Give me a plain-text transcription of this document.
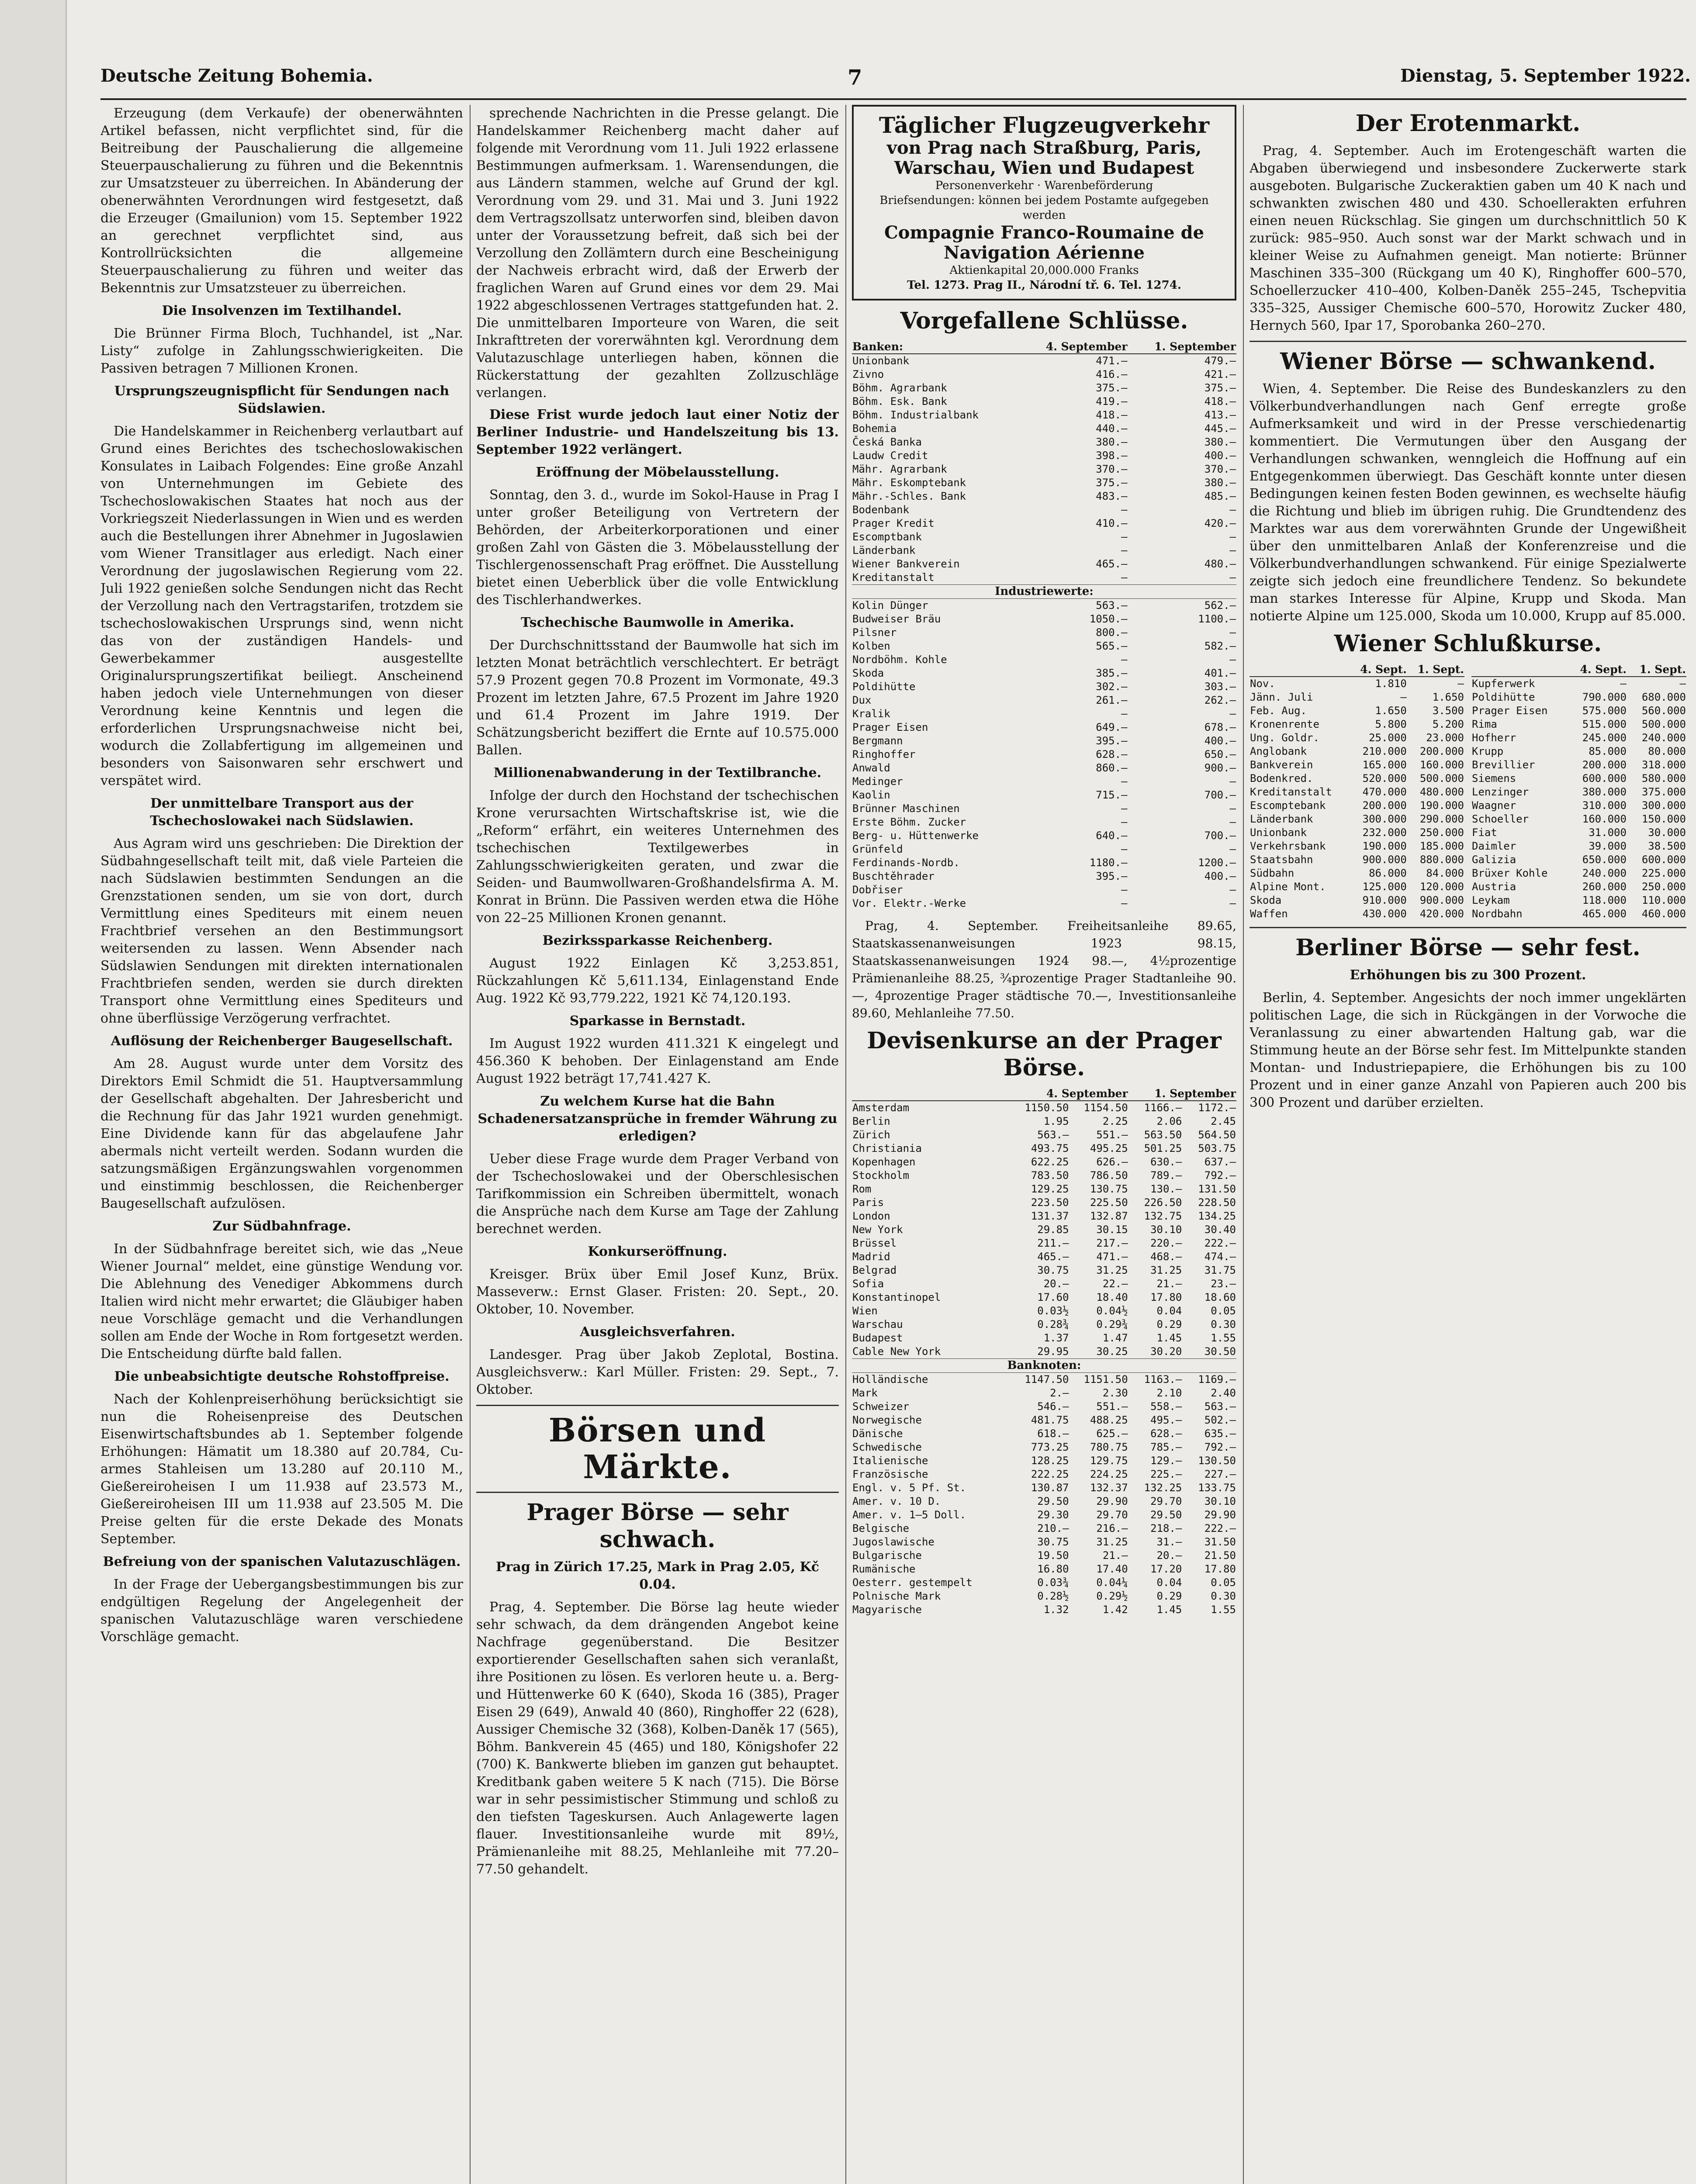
Deutsche Zeitung Bohemia.	7	Dienstag, 5. September 1922.

Erzeugung (dem Verkaufe) der obenerwähnten Artikel befassen, nicht verpflichtet sind, für die Beitreibung der Pauschalierung die allgemeine Steuerpauschalierung zu führen und die Bekenntnis zur Umsatzsteuer zu überreichen. In Abänderung der obenerwähnten Verordnungen wird festgesetzt, daß die Erzeuger (Gmailunion) vom 15. September 1922 an gerechnet verpflichtet sind, aus Kontrollrücksichten die allgemeine Steuerpauschalierung zu führen und weiter das Bekenntnis zur Umsatzsteuer zu überreichen.

Die Insolvenzen im Textilhandel.

Die Brünner Firma Bloch, Tuchhandel, ist „Nar. Listy“ zufolge in Zahlungsschwierigkeiten. Die Passiven betragen 7 Millionen Kronen.

Ursprungszeugnispflicht für Sendungen nach Südslawien.

Die Handelskammer in Reichenberg verlautbart auf Grund eines Berichtes des tschechoslowakischen Konsulates in Laibach Folgendes: Eine große Anzahl von Unternehmungen im Gebiete des Tschechoslowakischen Staates hat noch aus der Vorkriegszeit Niederlassungen in Wien und es werden auch die Bestellungen ihrer Abnehmer in Jugoslawien vom Wiener Transitlager aus erledigt. Nach einer Verordnung der jugoslawischen Regierung vom 22. Juli 1922 genießen solche Sendungen nicht das Recht der Verzollung nach den Vertragstarifen, trotzdem sie tschechoslowakischen Ursprungs sind, wenn nicht das von der zuständigen Handels- und Gewerbekammer ausgestellte Originalursprungszertifikat beiliegt. Anscheinend haben jedoch viele Unternehmungen von dieser Verordnung keine Kenntnis und legen die erforderlichen Ursprungsnachweise nicht bei, wodurch die Zollabfertigung im allgemeinen und besonders von Saisonwaren sehr erschwert und verspätet wird.

Der unmittelbare Transport aus der Tschechoslowakei nach Südslawien.

Aus Agram wird uns geschrieben: Die Direktion der Südbahngesellschaft teilt mit, daß viele Parteien die nach Südslawien bestimmten Sendungen an die Grenzstationen senden, um sie von dort, durch Vermittlung eines Spediteurs mit einem neuen Frachtbrief versehen an den Bestimmungsort weitersenden zu lassen. Wenn Absender nach Südslawien Sendungen mit direkten internationalen Frachtbriefen senden, werden sie durch direkten Transport ohne Vermittlung eines Spediteurs und ohne überflüssige Verzögerung verfrachtet.

Auflösung der Reichenberger Baugesellschaft.

Am 28. August wurde unter dem Vorsitz des Direktors Emil Schmidt die 51. Hauptversammlung der Gesellschaft abgehalten. Der Jahresbericht und die Rechnung für das Jahr 1921 wurden genehmigt. Eine Dividende kann für das abgelaufene Jahr abermals nicht verteilt werden. Sodann wurden die satzungsmäßigen Ergänzungswahlen vorgenommen und einstimmig beschlossen, die Reichenberger Baugesellschaft aufzulösen.

Zur Südbahnfrage.

In der Südbahnfrage bereitet sich, wie das „Neue Wiener Journal“ meldet, eine günstige Wendung vor. Die Ablehnung des Venediger Abkommens durch Italien wird nicht mehr erwartet; die Gläubiger haben neue Vorschläge gemacht und die Verhandlungen sollen am Ende der Woche in Rom fortgesetzt werden. Die Entscheidung dürfte bald fallen.

Die unbeabsichtigte deutsche Rohstoffpreise.

Nach der Kohlenpreiserhöhung berücksichtigt sie nun die Roheisenpreise des Deutschen Eisenwirtschaftsbundes ab 1. September folgende Erhöhungen: Hämatit um 18.380 auf 20.784, Cu-armes Stahleisen um 13.280 auf 20.110 M., Gießereiroheisen I um 11.938 auf 23.573 M., Gießereiroheisen III um 11.938 auf 23.505 M. Die Preise gelten für die erste Dekade des Monats September.

Befreiung von der spanischen Valutazuschlägen.

In der Frage der Uebergangsbestimmungen bis zur endgültigen Regelung der Angelegenheit der spanischen Valutazuschläge waren verschiedene Vorschläge gemacht.

sprechende Nachrichten in die Presse gelangt. Die Handelskammer Reichenberg macht daher auf folgende mit Verordnung vom 11. Juli 1922 erlassene Bestimmungen aufmerksam. 1. Warensendungen, die aus Ländern stammen, welche auf Grund der kgl. Verordnung vom 29. und 31. Mai und 3. Juni 1922 dem Vertragszollsatz unterworfen sind, bleiben davon unter der Voraussetzung befreit, daß sich bei der Verzollung den Zollämtern durch eine Bescheinigung der Nachweis erbracht wird, daß der Erwerb der fraglichen Waren auf Grund eines vor dem 29. Mai 1922 abgeschlossenen Vertrages stattgefunden hat. 2. Die unmittelbaren Importeure von Waren, die seit Inkrafttreten der vorerwähnten kgl. Verordnung dem Valutazuschlage unterliegen haben, können die Rückerstattung der gezahlten Zollzuschläge verlangen.

Diese Frist wurde jedoch laut einer Notiz der Berliner Industrie- und Handelszeitung bis 13. September 1922 verlängert.

Eröffnung der Möbelausstellung.

Sonntag, den 3. d., wurde im Sokol-Hause in Prag I unter großer Beteiligung von Vertretern der Behörden, der Arbeiterkorporationen und einer großen Zahl von Gästen die 3. Möbelausstellung der Tischlergenossenschaft Prag eröffnet. Die Ausstellung bietet einen Ueberblick über die volle Entwicklung des Tischlerhandwerkes.

Tschechische Baumwolle in Amerika.

Der Durchschnittsstand der Baumwolle hat sich im letzten Monat beträchtlich verschlechtert. Er beträgt 57.9 Prozent gegen 70.8 Prozent im Vormonate, 49.3 Prozent im letzten Jahre, 67.5 Prozent im Jahre 1920 und 61.4 Prozent im Jahre 1919. Der Schätzungsbericht beziffert die Ernte auf 10.575.000 Ballen.

Millionenabwanderung in der Textilbranche.

Infolge der durch den Hochstand der tschechischen Krone verursachten Wirtschaftskrise ist, wie die „Reform“ erfährt, ein weiteres Unternehmen des tschechischen Textilgewerbes in Zahlungsschwierigkeiten geraten, und zwar die Seiden- und Baumwollwaren-Großhandelsfirma A. M. Konrat in Brünn. Die Passiven werden etwa die Höhe von 22–25 Millionen Kronen genannt.

Bezirkssparkasse Reichenberg.

August 1922 Einlagen Kč 3,253.851, Rückzahlungen Kč 5,611.134, Einlagenstand Ende Aug. 1922 Kč 93,779.222, 1921 Kč 74,120.193.

Sparkasse in Bernstadt.

Im August 1922 wurden 411.321 K eingelegt und 456.360 K behoben. Der Einlagenstand am Ende August 1922 beträgt 17,741.427 K.

Zu welchem Kurse hat die Bahn Schadenersatzansprüche in fremder Währung zu erledigen?

Ueber diese Frage wurde dem Prager Verband von der Tschechoslowakei und der Oberschlesischen Tarifkommission ein Schreiben übermittelt, wonach die Ansprüche nach dem Kurse am Tage der Zahlung berechnet werden.

Konkurseröffnung.

Kreisger. Brüx über Emil Josef Kunz, Brüx. Masseverw.: Ernst Glaser. Fristen: 20. Sept., 20. Oktober, 10. November.

Ausgleichsverfahren.

Landesger. Prag über Jakob Zeplotal, Bostina. Ausgleichsverw.: Karl Müller. Fristen: 29. Sept., 7. Oktober.

Börsen und Märkte.
Prager Börse — sehr schwach.
Prag in Zürich 17.25, Mark in Prag 2.05, Kč 0.04.

Prag, 4. September. Die Börse lag heute wieder sehr schwach, da dem drängenden Angebot keine Nachfrage gegenüberstand. Die Besitzer exportierender Gesellschaften sahen sich veranlaßt, ihre Positionen zu lösen. Es verloren heute u. a. Berg- und Hüttenwerke 60 K (640), Skoda 16 (385), Prager Eisen 29 (649), Anwald 40 (860), Ringhoffer 22 (628), Aussiger Chemische 32 (368), Kolben-Daněk 17 (565), Böhm. Bankverein 45 (465) und 180, Königshofer 22 (700) K. Bankwerte blieben im ganzen gut behauptet. Kreditbank gaben weitere 5 K nach (715). Die Börse war in sehr pessimistischer Stimmung und schloß zu den tiefsten Tageskursen. Auch Anlagewerte lagen flauer. Investitionsanleihe wurde mit 89½, Prämienanleihe mit 88.25, Mehlanleihe mit 77.20–77.50 gehandelt.

Täglicher Flugzeugverkehr
von Prag nach Straßburg, Paris, Warschau, Wien und Budapest
Personenverkehr · Warenbeförderung
Briefsendungen: können bei jedem Postamte aufgegeben werden
Compagnie Franco-Roumaine de Navigation Aérienne
Aktienkapital 20,000.000 Franks
Tel. 1273. Prag II., Národní tř. 6. Tel. 1274.
Vorgefallene Schlüsse.
Banken:	4. September	1. September
Unionbank	471.—	479.—
Zivno	416.—	421.—
Böhm. Agrarbank	375.—	375.—
Böhm. Esk. Bank	419.—	418.—
Böhm. Industrialbank	418.—	413.—
Bohemia	440.—	445.—
Česká Banka	380.—	380.—
Laudw Credit	398.—	400.—
Mähr. Agrarbank	370.—	370.—
Mähr. Eskomptebank	375.—	380.—
Mähr.-Schles. Bank	483.—	485.—
Bodenbank	—	—
Prager Kredit	410.—	420.—
Escomptbank	—	—
Länderbank	—	—
Wiener Bankverein	465.—	480.—
Kreditanstalt	—	—
Industriewerte:		
Kolin Dünger	563.—	562.—
Budweiser Bräu	1050.—	1100.—
Pilsner	800.—	—
Kolben	565.—	582.—
Nordböhm. Kohle	—	—
Skoda	385.—	401.—
Poldihütte	302.—	303.—
Dux	261.—	262.—
Kralik	—	—
Prager Eisen	649.—	678.—
Bergmann	395.—	400.—
Ringhoffer	628.—	650.—
Anwald	860.—	900.—
Medinger	—	—
Kaolin	715.—	700.—
Brünner Maschinen	—	—
Erste Böhm. Zucker	—	—
Berg- u. Hüttenwerke	640.—	700.—
Grünfeld	—	—
Ferdinands-Nordb.	1180.—	1200.—
Buschtěhrader	395.—	400.—
Dobřiser	—	—
Vor. Elektr.-Werke	—	—

Prag, 4. September. Freiheitsanleihe 89.65, Staatskassenanweisungen 1923 98.15, Staatskassenanweisungen 1924 98.—, 4½prozentige Prämienanleihe 88.25, ¾prozentige Prager Stadtanleihe 90.—, 4prozentige Prager städtische 70.—, Investitionsanleihe 89.60, Mehlanleihe 77.50.

Devisenkurse an der Prager Börse.
	4. September		1. September	
Amsterdam	1150.50	1154.50	1166.—	1172.—
Berlin	1.95	2.25	2.06	2.45
Zürich	563.—	551.—	563.50	564.50
Christiania	493.75	495.25	501.25	503.75
Kopenhagen	622.25	626.—	630.—	637.—
Stockholm	783.50	786.50	789.—	792.—
Rom	129.25	130.75	130.—	131.50
Paris	223.50	225.50	226.50	228.50
London	131.37	132.87	132.75	134.25
New York	29.85	30.15	30.10	30.40
Brüssel	211.—	217.—	220.—	222.—
Madrid	465.—	471.—	468.—	474.—
Belgrad	30.75	31.25	31.25	31.75
Sofia	20.—	22.—	21.—	23.—
Konstantinopel	17.60	18.40	17.80	18.60
Wien	0.03½	0.04½	0.04	0.05
Warschau	0.28¾	0.29¾	0.29	0.30
Budapest	1.37	1.47	1.45	1.55
Cable New York	29.95	30.25	30.20	30.50
Banknoten:				
Holländische	1147.50	1151.50	1163.—	1169.—
Mark	2.—	2.30	2.10	2.40
Schweizer	546.—	551.—	558.—	563.—
Norwegische	481.75	488.25	495.—	502.—
Dänische	618.—	625.—	628.—	635.—
Schwedische	773.25	780.75	785.—	792.—
Italienische	128.25	129.75	129.—	130.50
Französische	222.25	224.25	225.—	227.—
Engl. v. 5 Pf. St.	130.87	132.37	132.25	133.75
Amer. v. 10 D.	29.50	29.90	29.70	30.10
Amer. v. 1–5 Doll.	29.30	29.70	29.50	29.90
Belgische	210.—	216.—	218.—	222.—
Jugoslawische	30.75	31.25	31.—	31.50
Bulgarische	19.50	21.—	20.—	21.50
Rumänische	16.80	17.40	17.20	17.80
Oesterr. gestempelt	0.03¾	0.04¼	0.04	0.05
Polnische Mark	0.28½	0.29½	0.29	0.30
Magyarische	1.32	1.42	1.45	1.55
Der Erotenmarkt.

Prag, 4. September. Auch im Erotengeschäft warten die Abgaben überwiegend und insbesondere Zuckerwerte stark ausgeboten. Bulgarische Zuckeraktien gaben um 40 K nach und schwankten zwischen 480 und 430. Schoellerakten erfuhren einen neuen Rückschlag. Sie gingen um durchschnittlich 50 K zurück: 985–950. Auch sonst war der Markt schwach und in kleiner Weise zu Aufnahmen geneigt. Man notierte: Brünner Maschinen 335–300 (Rückgang um 40 K), Ringhoffer 600–570, Schoellerzucker 410–400, Kolben-Daněk 255–245, Tschepvitia 335–325, Aussiger Chemische 600–570, Horowitz Zucker 480, Hernych 560, Ipar 17, Sporobanka 260–270.

Wiener Börse — schwankend.

Wien, 4. September. Die Reise des Bundeskanzlers zu den Völkerbundverhandlungen nach Genf erregte große Aufmerksamkeit und wird in der Presse verschiedenartig kommentiert. Die Vermutungen über den Ausgang der Verhandlungen schwanken, wenngleich die Hoffnung auf ein Entgegenkommen überwiegt. Das Geschäft konnte unter diesen Bedingungen keinen festen Boden gewinnen, es wechselte häufig die Richtung und blieb im übrigen ruhig. Die Grundtendenz des Marktes war aus dem vorerwähnten Grunde der Ungewißheit über den unmittelbaren Anlaß der Konferenzreise und die Völkerbundverhandlungen schwankend. Für einige Spezialwerte zeigte sich jedoch eine freundlichere Tendenz. So bekundete man starkes Interesse für Alpine, Krupp und Skoda. Man notierte Alpine um 125.000, Skoda um 10.000, Krupp auf 85.000.

Wiener Schlußkurse.
	4. Sept.	1. Sept.
Nov.	1.810	—
Jänn. Juli	—	1.650
Feb. Aug.	1.650	3.500
Kronenrente	5.800	5.200
Ung. Goldr.	25.000	23.000
Anglobank	210.000	200.000
Bankverein	165.000	160.000
Bodenkred.	520.000	500.000
Kreditanstalt	470.000	480.000
Escomptebank	200.000	190.000
Länderbank	300.000	290.000
Unionbank	232.000	250.000
Verkehrsbank	190.000	185.000
Staatsbahn	900.000	880.000
Südbahn	86.000	84.000
Alpine Mont.	125.000	120.000
Skoda	910.000	900.000
Waffen	430.000	420.000
	4. Sept.	1. Sept.
Kupferwerk	—	—
Poldihütte	790.000	680.000
Prager Eisen	575.000	560.000
Rima	515.000	500.000
Hofherr	245.000	240.000
Krupp	85.000	80.000
Brevillier	200.000	318.000
Siemens	600.000	580.000
Lenzinger	380.000	375.000
Waagner	310.000	300.000
Schoeller	160.000	150.000
Fiat	31.000	30.000
Daimler	39.000	38.500
Galizia	650.000	600.000
Brüxer Kohle	240.000	225.000
Austria	260.000	250.000
Leykam	118.000	110.000
Nordbahn	465.000	460.000
Berliner Börse — sehr fest.
Erhöhungen bis zu 300 Prozent.

Berlin, 4. September. Angesichts der noch immer ungeklärten politischen Lage, die sich in Rückgängen in der Vorwoche die Veranlassung zu einer abwartenden Haltung gab, war die Stimmung heute an der Börse sehr fest. Im Mittelpunkte standen Montan- und Industriepapiere, die Erhöhungen bis zu 100 Prozent und in einer ganze Anzahl von Papieren auch 200 bis 300 Prozent und darüber erzielten.
